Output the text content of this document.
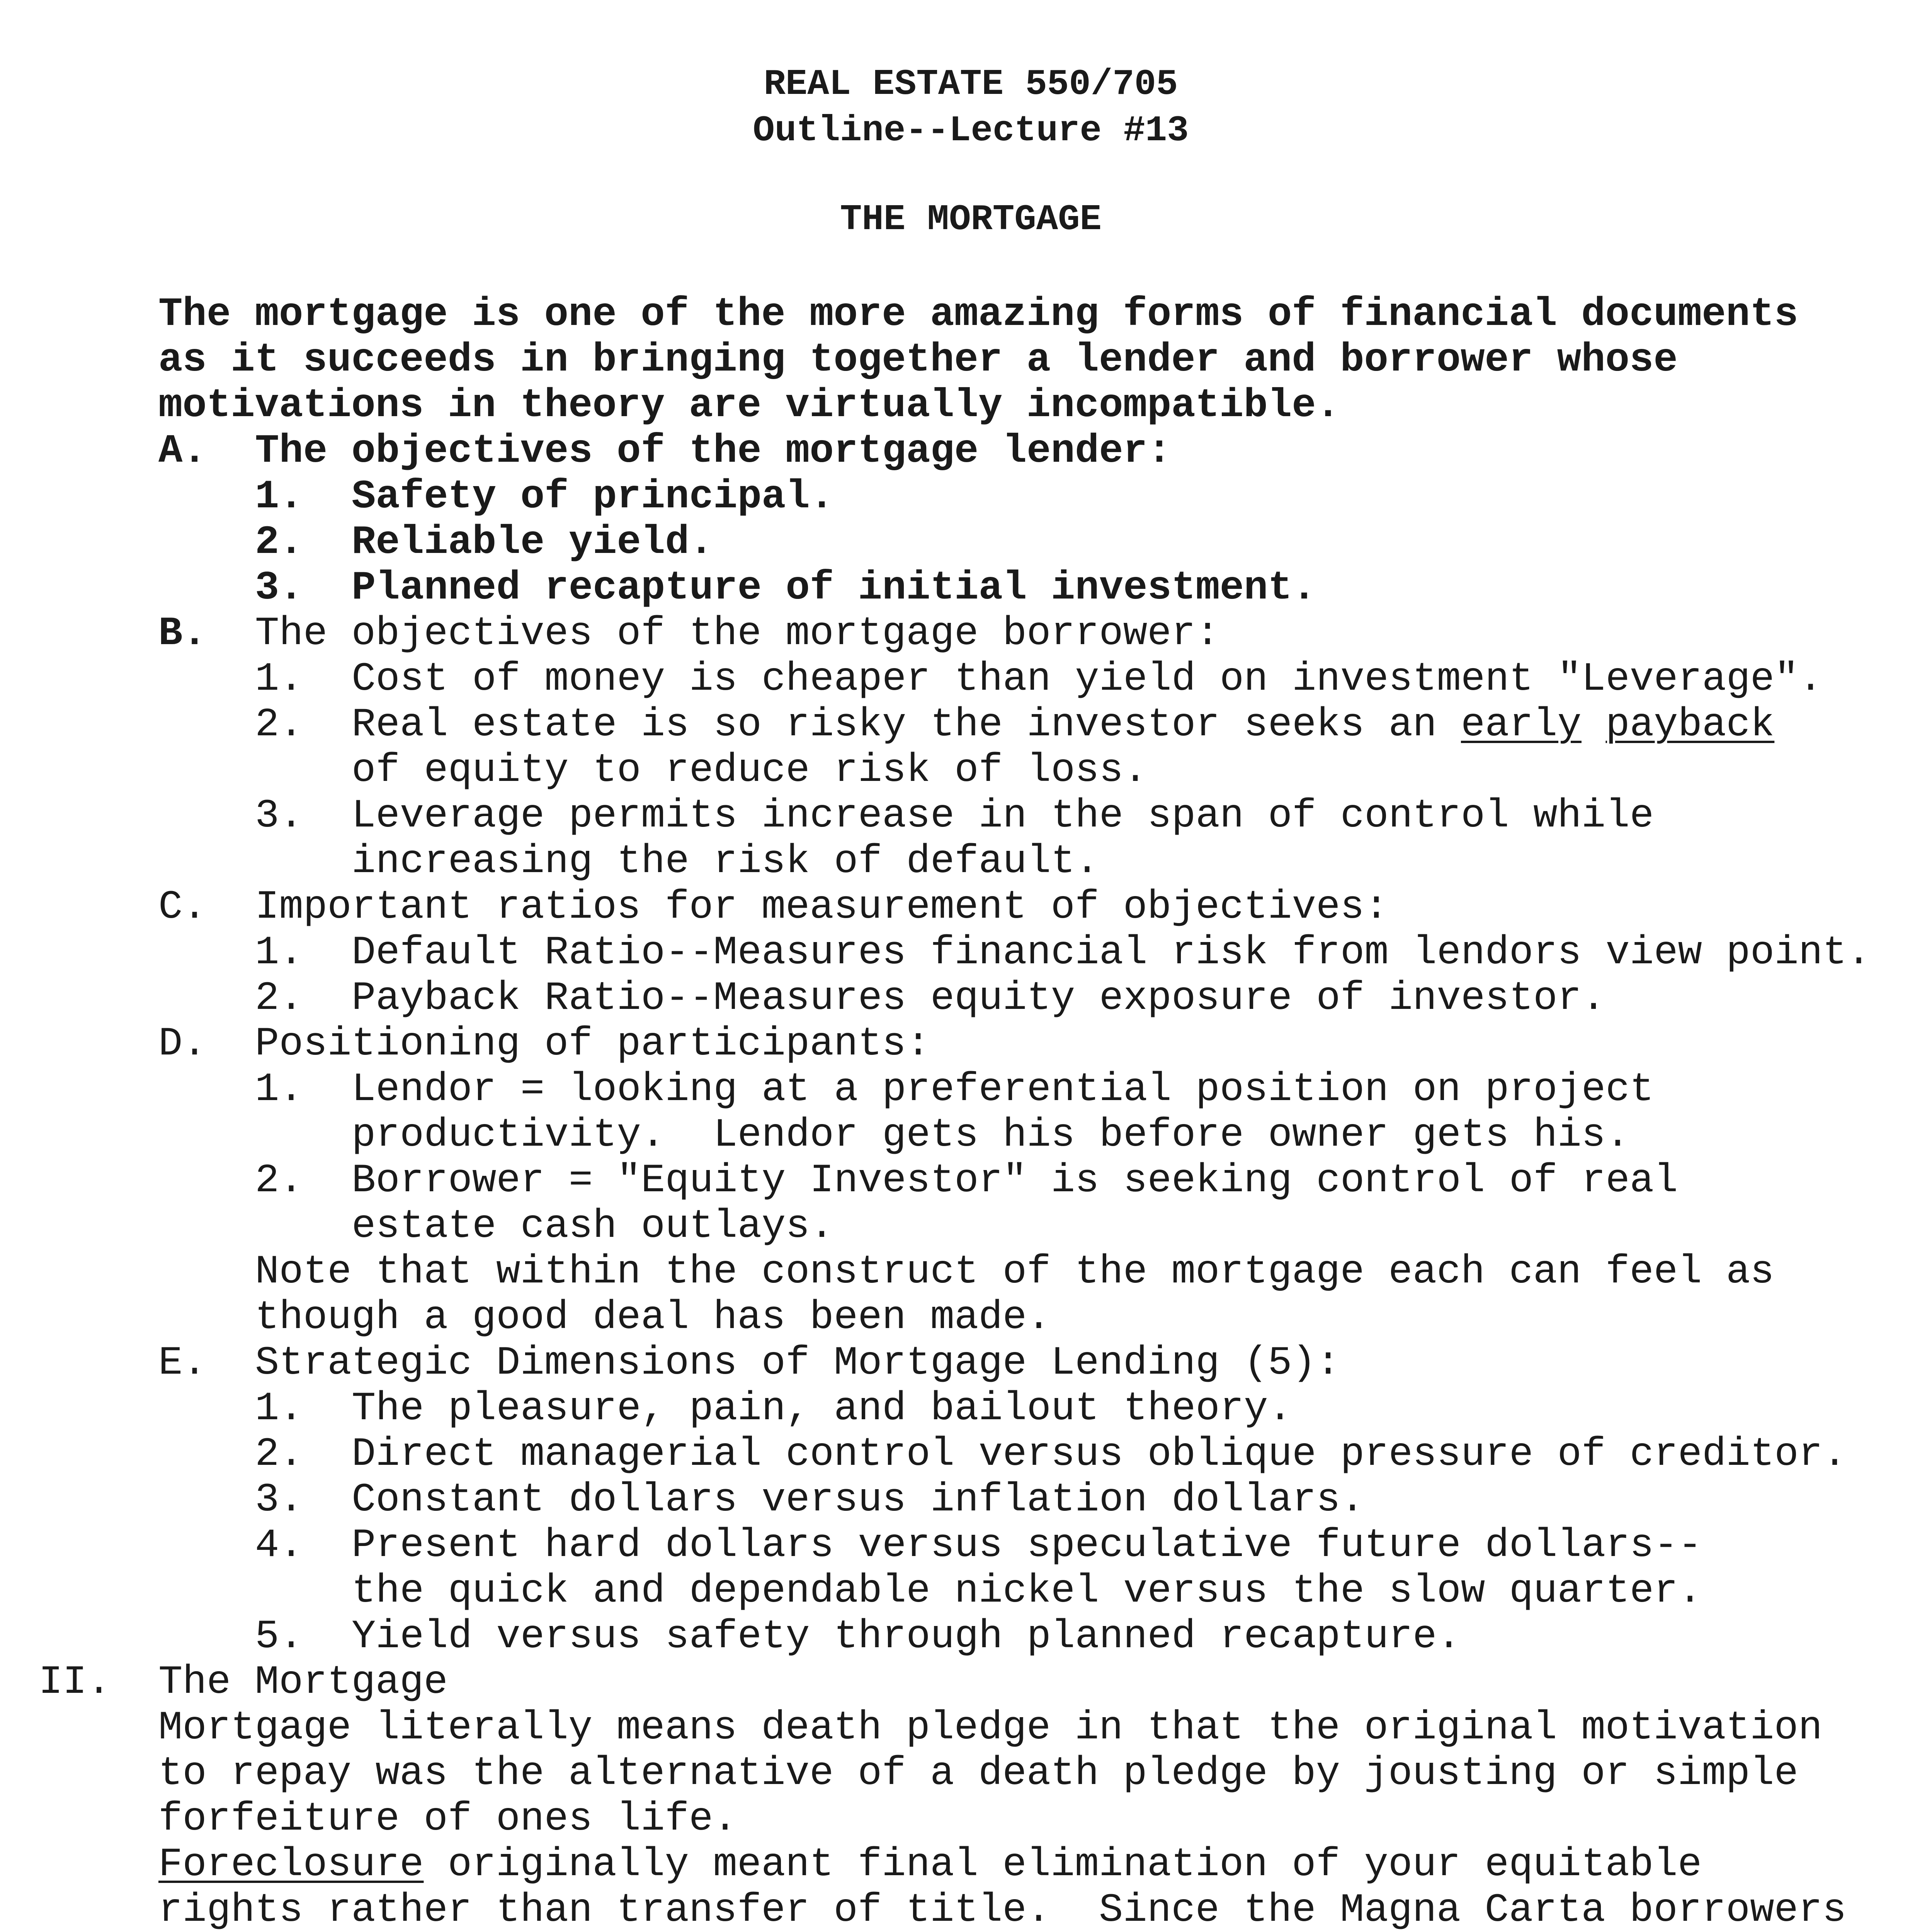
REAL ESTATE 550/705
Outline--Lecture #13
THE MORTGAGE
The mortgage is one of the more amazing forms of financial documents
as it succeeds in bringing together a lender and borrower whose
motivations in theory are virtually incompatible.
A. The objectives of the mortgage lender:
1. Safety of principal.
2. Reliable yield.
3. Planned recapture of initial investment.
B. The objectives of the mortgage borrower:
1. Cost of money is cheaper than yield on investment "Leverage".
2. Real estate is so risky the investor seeks an early payback
of equity to reduce risk of loss.
3. Leverage permits increase in the span of control while
increasing the risk of default.
C. Important ratios for measurement of objectives:
1. Default Ratio--Measures financial risk from lendors view point.
2. Payback Ratio--Measures equity exposure of investor.
D. Positioning of participants:
1. Lendor = looking at a preferential position on project
productivity.  Lendor gets his before owner gets his.
2. Borrower = "Equity Investor" is seeking control of real
estate cash outlays.
Note that within the construct of the mortgage each can feel as
though a good deal has been made.
E. Strategic Dimensions of Mortgage Lending (5):
1. The pleasure, pain, and bailout theory.
2. Direct managerial control versus oblique pressure of creditor.
3. Constant dollars versus inflation dollars.
4. Present hard dollars versus speculative future dollars--
the quick and dependable nickel versus the slow quarter.
5. Yield versus safety through planned recapture.
II. The Mortgage
Mortgage literally means death pledge in that the original motivation
to repay was the alternative of a death pledge by jousting or simple
forfeiture of ones life.
Foreclosure originally meant final elimination of your equitable
rights rather than transfer of title.  Since the Magna Carta borrowers
